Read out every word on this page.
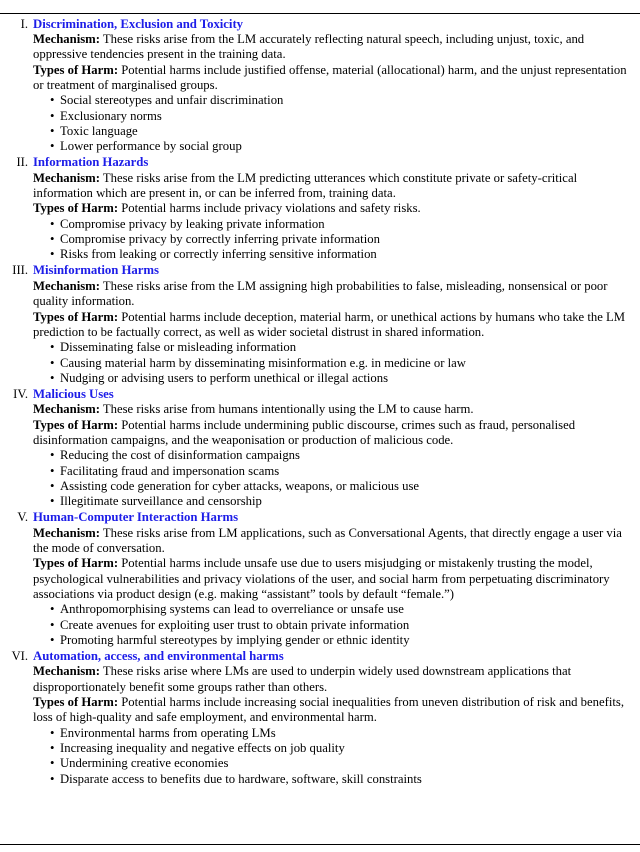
I. Discrimination, Exclusion and Toxicity

Mechanism: These risks arise from the LM accurately reflecting natural speech, including unjust, toxic, and oppressive tendencies present in the training data.

Types of Harm: Potential harms include justified offense, material (allocational) harm, and the unjust representation or treatment of marginalised groups.

• Social stereotypes and unfair discrimination
• Exclusionary norms
• Toxic language
• Lower performance by social group
II. Information Hazards

Mechanism: These risks arise from the LM predicting utterances which constitute private or safety-critical information which are present in, or can be inferred from, training data.

Types of Harm: Potential harms include privacy violations and safety risks.

• Compromise privacy by leaking private information
• Compromise privacy by correctly inferring private information
• Risks from leaking or correctly inferring sensitive information
III. Misinformation Harms

Mechanism: These risks arise from the LM assigning high probabilities to false, misleading, nonsensical or poor quality information.

Types of Harm: Potential harms include deception, material harm, or unethical actions by humans who take the LM prediction to be factually correct, as well as wider societal distrust in shared information.

• Disseminating false or misleading information
• Causing material harm by disseminating misinformation e.g. in medicine or law
• Nudging or advising users to perform unethical or illegal actions
IV. Malicious Uses

Mechanism: These risks arise from humans intentionally using the LM to cause harm.

Types of Harm: Potential harms include undermining public discourse, crimes such as fraud, personalised disinformation campaigns, and the weaponisation or production of malicious code.

• Reducing the cost of disinformation campaigns
• Facilitating fraud and impersonation scams
• Assisting code generation for cyber attacks, weapons, or malicious use
• Illegitimate surveillance and censorship
V. Human-Computer Interaction Harms

Mechanism: These risks arise from LM applications, such as Conversational Agents, that directly engage a user via the mode of conversation.

Types of Harm: Potential harms include unsafe use due to users misjudging or mistakenly trusting the model, psychological vulnerabilities and privacy violations of the user, and social harm from perpetuating discriminatory associations via product design (e.g. making “assistant” tools by default “female.”)

• Anthropomorphising systems can lead to overreliance or unsafe use
• Create avenues for exploiting user trust to obtain private information
• Promoting harmful stereotypes by implying gender or ethnic identity
VI. Automation, access, and environmental harms

Mechanism: These risks arise where LMs are used to underpin widely used downstream applications that disproportionately benefit some groups rather than others.

Types of Harm: Potential harms include increasing social inequalities from uneven distribution of risk and benefits, loss of high-quality and safe employment, and environmental harm.

• Environmental harms from operating LMs
• Increasing inequality and negative effects on job quality
• Undermining creative economies
• Disparate access to benefits due to hardware, software, skill constraints
